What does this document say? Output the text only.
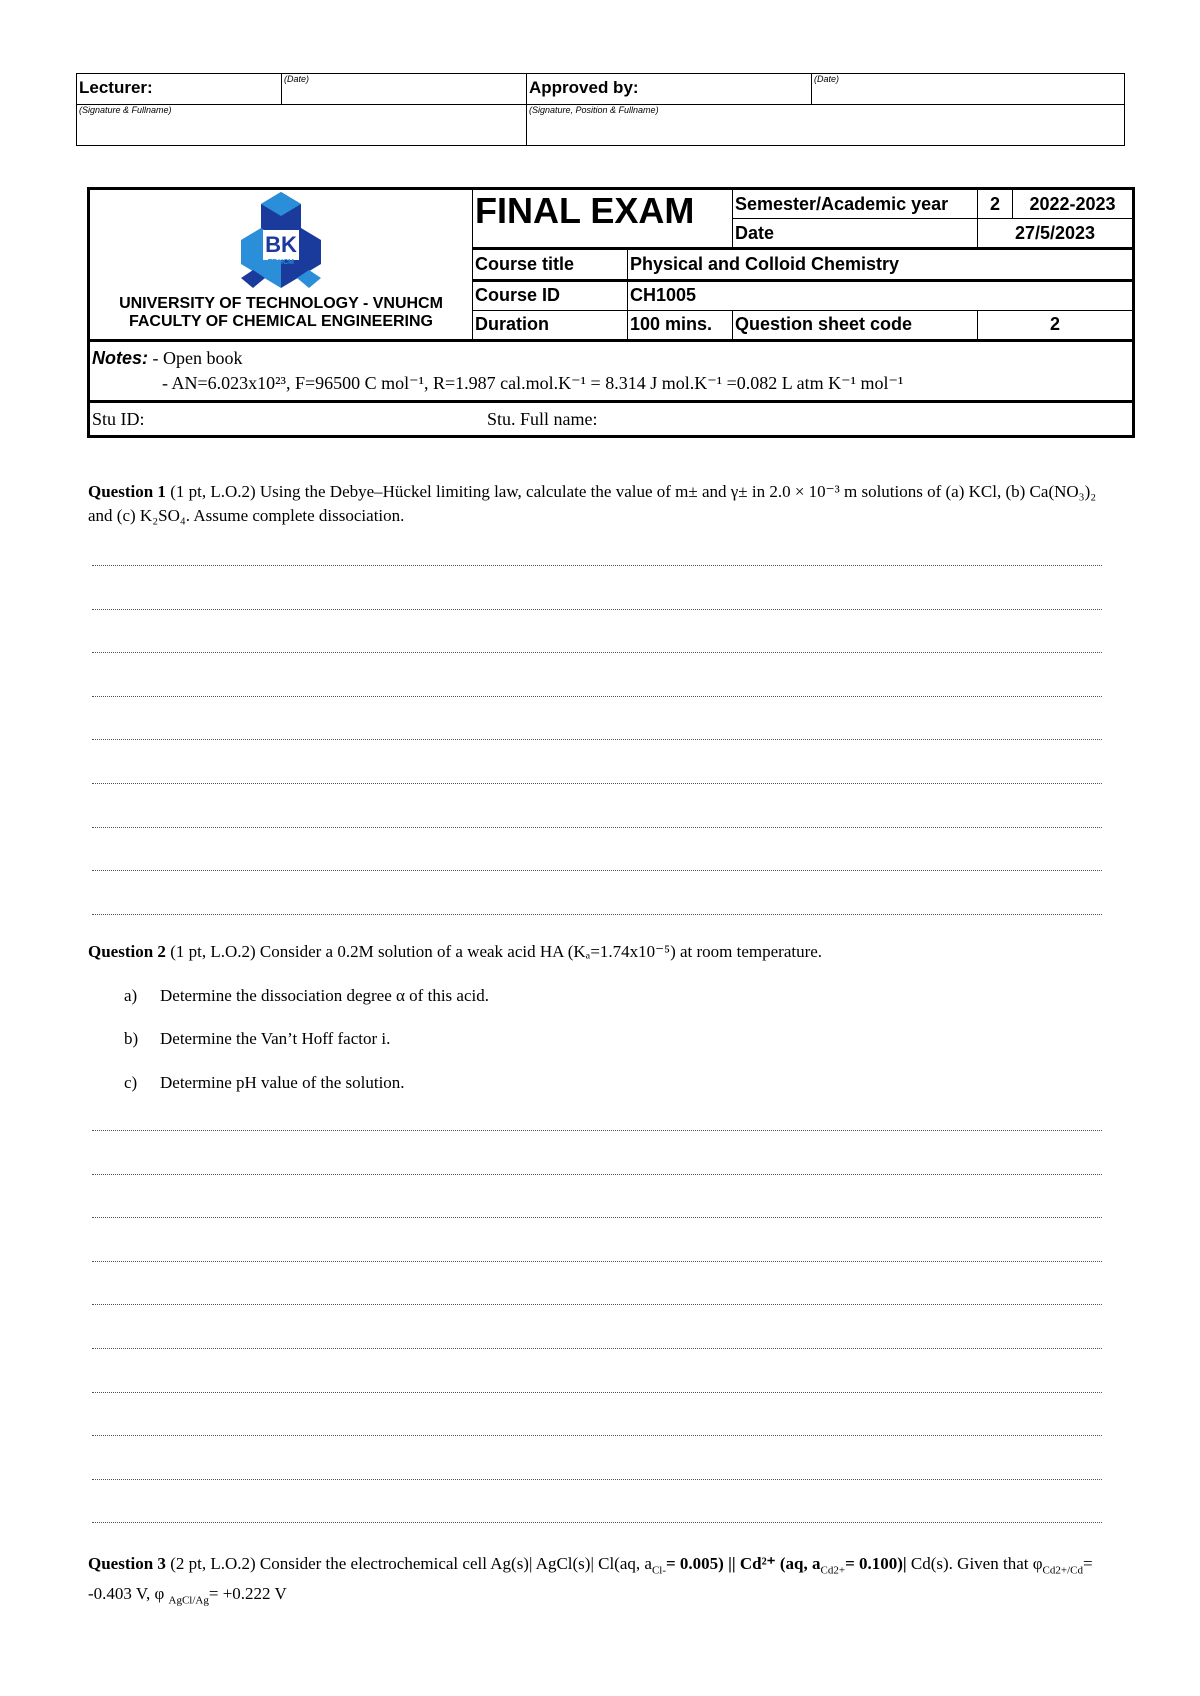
Lecturer:	(Date)	Approved by:	(Date)
(Signature & Fullname)		(Signature, Position & Fullname)	
BK
TP.HCM
UNIVERSITY OF TECHNOLOGY - VNUHCM
FACULTY OF CHEMICAL ENGINEERING	FINAL EXAM		Semester/Academic year	2	2022-2023
			Date	27/5/2023	
	Course title	Physical and Colloid Chemistry			
	Course ID	CH1005			
	Duration	100 mins.	Question sheet code	2	
Notes: - Open book
- AN=6.023x10²³, F=96500 C mol⁻¹, R=1.987 cal.mol.K⁻¹ = 8.314 J mol.K⁻¹ =0.082 L atm K⁻¹ mol⁻¹					
Stu ID: Stu. Full name:					
Question 1 (1 pt, L.O.2) Using the Debye–Hückel limiting law, calculate the value of m± and γ± in 2.0 × 10⁻³ m solutions of (a) KCl, (b) Ca(NO₃)₂ and (c) K₂SO₄. Assume complete dissociation.
Question 2 (1 pt, L.O.2) Consider a 0.2M solution of a weak acid HA (Kₐ=1.74x10⁻⁵) at room temperature.
a) Determine the dissociation degree α of this acid.
b) Determine the Van’t Hoff factor i.
c) Determine pH value of the solution.
Question 3 (2 pt, L.O.2) Consider the electrochemical cell Ag(s)| AgCl(s)| Cl(aq, $a_{Cl-}= 0.005$) || Cd²⁺ (aq, $a_{Cd2+}= 0.100)|$ Cd(s). Given that $\varphi_{Cd2+/Cd}= -0.403$ V, φ $_{AgCl/Ag}$= +0.222 V
